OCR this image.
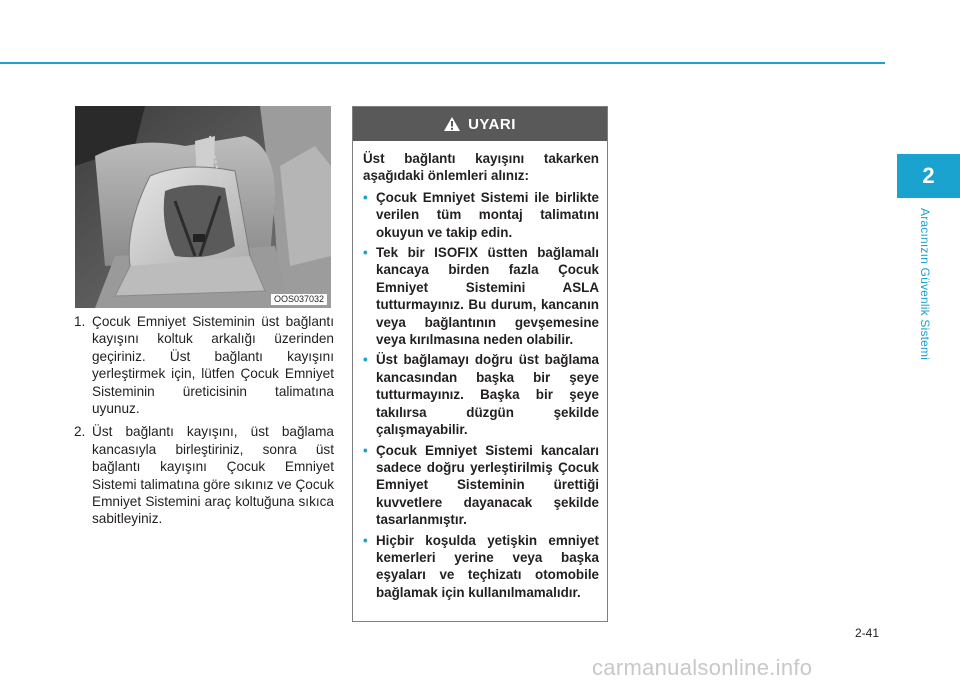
2
Aracınızın Güvenlik Sistemi
OOS037032
1. Çocuk Emniyet Sisteminin üst bağlantı kayışını koltuk arkalığı üzerinden geçiriniz. Üst bağlantı kayışını yerleştirmek için, lütfen Çocuk Emniyet Sisteminin üreticisinin talimatına uyunuz.
2. Üst bağlantı kayışını, üst bağlama kancasıyla birleştiriniz, sonra üst bağlantı kayışını Çocuk Emniyet Sistemi talimatına göre sıkınız ve Çocuk Emniyet Sistemini araç koltuğuna sıkıca sabitleyiniz.
UYARI

Üst bağlantı kayışını takarken aşağıdaki önlemleri alınız:

• Çocuk Emniyet Sistemi ile birlikte verilen tüm montaj talimatını okuyun ve takip edin.
• Tek bir ISOFIX üstten bağlamalı kancaya birden fazla Çocuk Emniyet Sistemini ASLA tutturmayınız. Bu durum, kancanın veya bağlantının gevşemesine veya kırılmasına neden olabilir.
• Üst bağlamayı doğru üst bağlama kancasından başka bir şeye tutturmayınız. Başka bir şeye takılırsa düzgün şekilde çalışmayabilir.
• Çocuk Emniyet Sistemi kancaları sadece doğru yerleştirilmiş Çocuk Emniyet Sisteminin ürettiği kuvvetlere dayanacak şekilde tasarlanmıştır.
• Hiçbir koşulda yetişkin emniyet kemerleri yerine veya başka eşyaları ve teçhizatı otomobile bağlamak için kullanılmamalıdır.
2-41
carmanualsonline.info
